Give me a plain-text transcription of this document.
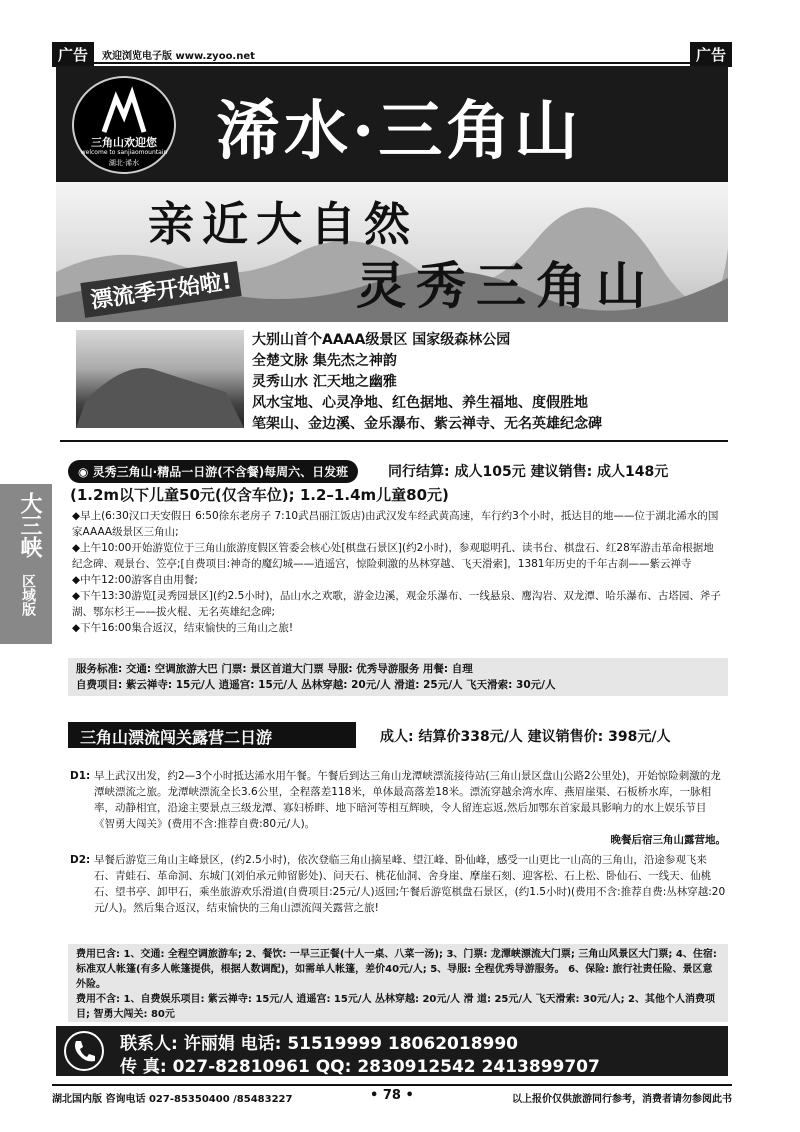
广告	欢迎浏览电子版 www.zyoo.net	广告
三角山欢迎您
welcome to sanjiaomountain
湖北·浠水	浠水·三角山
亲近大自然
灵秀三角山
漂流季开始啦!
大别山首个AAAA级景区 国家级森林公园
全楚文脉 集先杰之神韵
灵秀山水 汇天地之幽雅
风水宝地、心灵净地、红色据地、养生福地、度假胜地
笔架山、金边溪、金乐瀑布、紫云禅寺、无名英雄纪念碑
大三峡
区域版
◉ 灵秀三角山·精品一日游(不含餐)每周六、日发班	同行结算: 成人105元 建议销售: 成人148元
(1.2m以下儿童50元(仅含车位); 1.2–1.4m儿童80元)
◆早上(6:30汉口天安假日 6:50徐东老房子 7:10武昌丽江饭店)由武汉发车经武黄高速，车行约3个小时，抵达目的地——位于湖北浠水的国家AAAA级景区三角山;
◆上午10:00开始游览位于三角山旅游度假区管委会核心处[棋盘石景区](约2小时)，参观聪明孔、读书台、棋盘石、红28军游击革命根据地纪念碑、观景台、笠亭;[自费项目:神奇的魔幻城——逍遥宫，惊险刺激的丛林穿越、飞天滑索]，1381年历史的千年古刹——紫云禅寺
◆中午12:00游客自由用餐;
◆下午13:30游览[灵秀园景区](约2.5小时)，品山水之欢歌，游金边溪，观金乐瀑布、一线悬泉、鹰沟岩、双龙潭、哈乐瀑布、古塔园、斧子湖、鄂东杉王——拔火棍、无名英雄纪念碑;
◆下午16:00集合返汉，结束愉快的三角山之旅!
服务标准: 交通: 空调旅游大巴 门票: 景区首道大门票 导服: 优秀导游服务 用餐: 自理
自费项目: 紫云禅寺: 15元/人 逍遥宫: 15元/人 丛林穿越: 20元/人 滑道: 25元/人 飞天滑索: 30元/人
三角山漂流闯关露营二日游	成人: 结算价338元/人 建议销售价: 398元/人
D1: 早上武汉出发，约2—3个小时抵达浠水用午餐。午餐后到达三角山龙潭峡漂流接待站(三角山景区盘山公路2公里处)，开始惊险刺激的龙潭峡漂流之旅。龙潭峡漂流全长3.6公里，全程落差118米，单体最高落差18米。漂流穿越余湾水库、燕眉崖渠、石板桥水库，一脉相率，动静相宜，沿途主要景点三级龙潭、寡妇桥畔、地下暗河等相互辉映，令人留连忘返,然后加鄂东首家最具影响力的水上娱乐节目《智勇大闯关》(费用不含:推荐自费:80元/人)。
晚餐后宿三角山露营地。
D2: 早餐后游览三角山主峰景区，(约2.5小时)，依次登临三角山摘星峰、望江峰、卧仙峰，感受一山更比一山高的三角山，沿途参观飞来石、青蛙石、革命洞、东城门(刘伯承元帅留影处)、问天石、桃花仙洞、舍身崖、摩崖石刻、迎客松、石上松、卧仙石、一线天、仙桃石、望书亭、卸甲石，乘坐旅游欢乐滑道(自费项目:25元/人)返回;午餐后游览棋盘石景区，(约1.5小时)(费用不含:推荐自费:丛林穿越:20元/人)。然后集合返汉，结束愉快的三角山漂流闯关露营之旅!
费用已含: 1、交通: 全程空调旅游车; 2、餐饮: 一早三正餐(十人一桌、八菜一汤); 3、门票: 龙潭峡漂流大门票; 三角山风景区大门票; 4、住宿: 标准双人帐篷(有多人帐篷提供，根据人数调配)，如需单人帐篷，差价40元/人; 5、导服: 全程优秀导游服务。 6、保险: 旅行社责任险、景区意外险。
费用不含: 1、自费娱乐项目: 紫云禅寺: 15元/人 逍遥宫: 15元/人 丛林穿越: 20元/人 滑 道: 25元/人 飞天滑索: 30元/人; 2、其他个人消费项目; 智勇大闯关: 80元
联系人: 许丽娟 电话: 51519999 18062018990
传 真: 027-82810961 QQ: 2830912542 2413899707
湖北国内版 咨询电话 027-85350400 /85483227	• 78 •	以上报价仅供旅游同行参考，消费者请勿参阅此书
